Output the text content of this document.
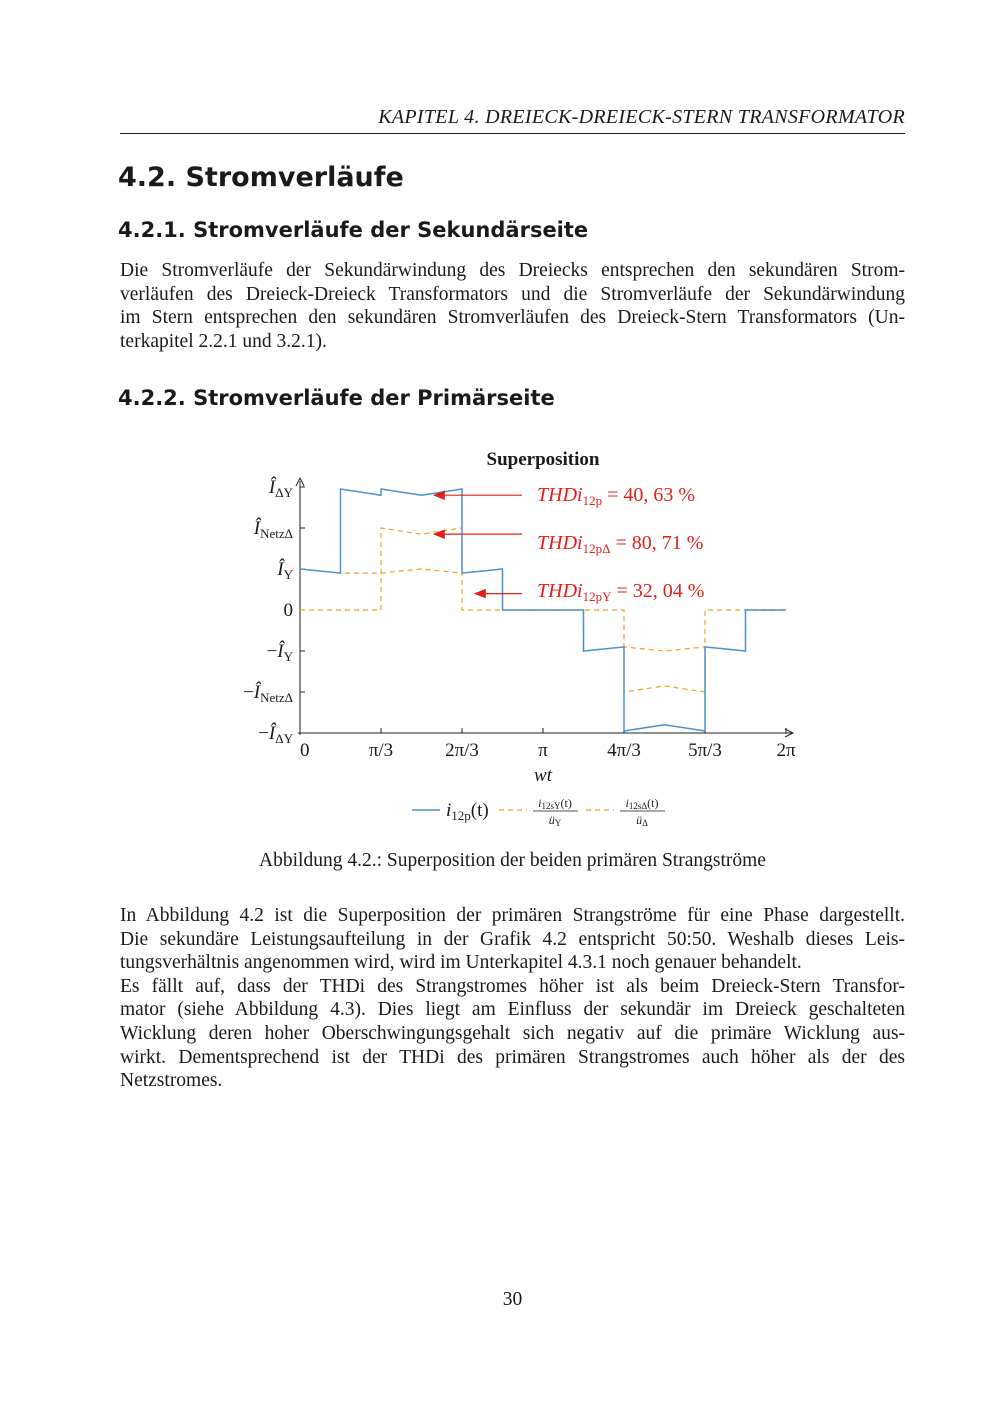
KAPITEL 4. DREIECK-DREIECK-STERN TRANSFORMATOR
4.2. Stromverläufe
4.2.1. Stromverläufe der Sekundärseite
Die Stromverläufe der Sekundärwindung des Dreiecks entsprechen den sekundären Strom-
verläufen des Dreieck-Dreieck Transformators und die Stromverläufe der Sekundärwindung
im Stern entsprechen den sekundären Stromverläufen des Dreieck-Stern Transformators (Un-
terkapitel 2.2.1 und 3.2.1).
4.2.2. Stromverläufe der Primärseite
Superposition
$Î_{\Delta Y}$
$Î_{Netz\Delta}$
$Î_Y$
0
$-Î_Y$
$-Î_{Netz\Delta}$
$-Î_{\Delta Y}$
0	π/3	2π/3	π	4π/3 5π/3	2π
THDi$_{12p}$ = 40, 63 %
THDi$_{12p\Delta}$ = 80, 71 %
THDi$_{12pY}$ = 32, 04 %
wt
$i_{12p}(t)$	i12sY(t)
üY
i12sΔ(t)
üΔ
Abbildung 4.2.: Superposition der beiden primären Strangströme
In Abbildung 4.2 ist die Superposition der primären Strangströme für eine Phase dargestellt.
Die sekundäre Leistungsaufteilung in der Grafik 4.2 entspricht 50:50. Weshalb dieses Leis-
tungsverhältnis angenommen wird, wird im Unterkapitel 4.3.1 noch genauer behandelt.
Es fällt auf, dass der THDi des Strangstromes höher ist als beim Dreieck-Stern Transfor-
mator (siehe Abbildung 4.3). Dies liegt am Einfluss der sekundär im Dreieck geschalteten
Wicklung deren hoher Oberschwingungsgehalt sich negativ auf die primäre Wicklung aus-
wirkt. Dementsprechend ist der THDi des primären Strangstromes auch höher als der des
Netzstromes.
30
